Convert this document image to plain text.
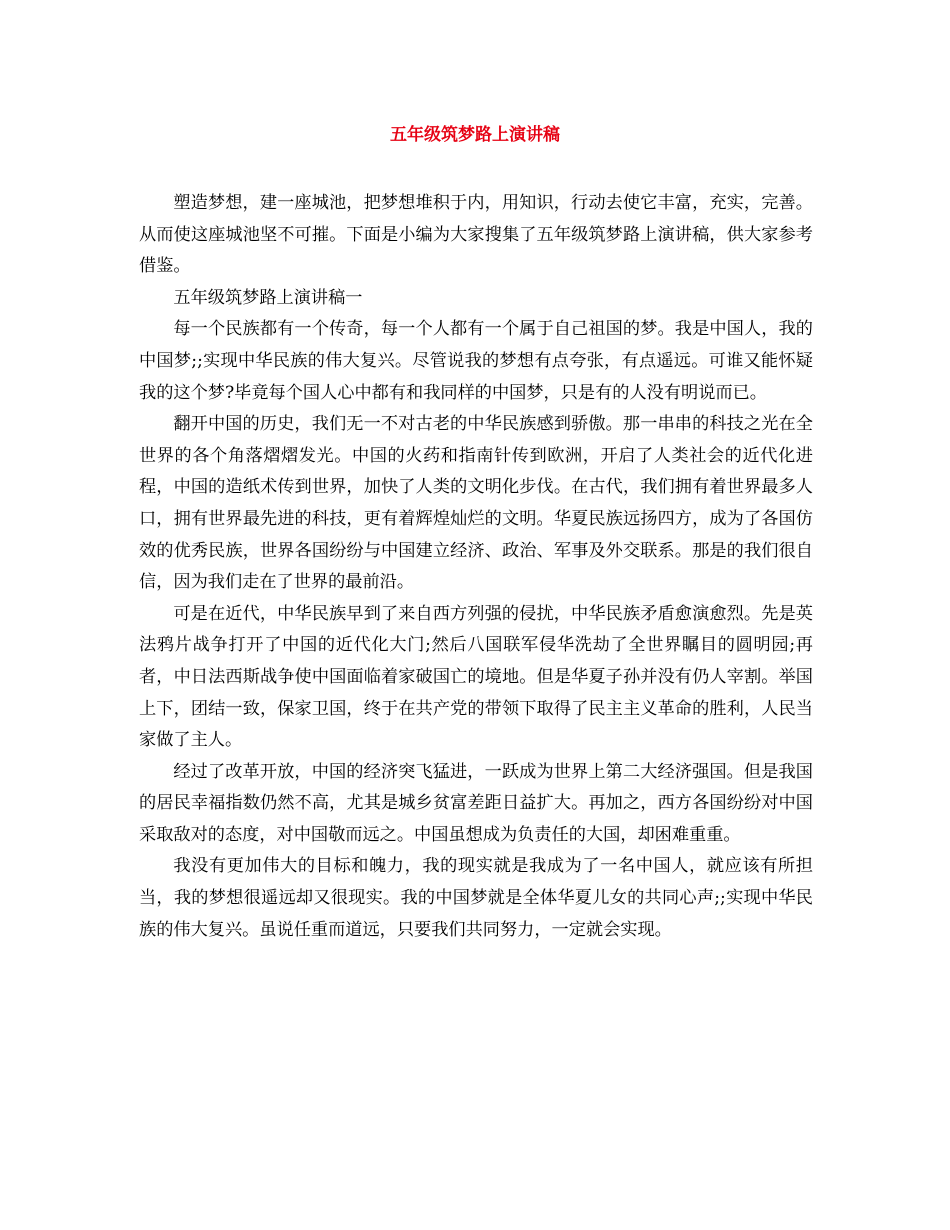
五年级筑梦路上演讲稿

塑造梦想，建一座城池，把梦想堆积于内，用知识，行动去使它丰富，充实，完善。从而使这座城池坚不可摧。下面是小编为大家搜集了五年级筑梦路上演讲稿，供大家参考借鉴。

五年级筑梦路上演讲稿一

每一个民族都有一个传奇，每一个人都有一个属于自己祖国的梦。我是中国人，我的中国梦;;实现中华民族的伟大复兴。尽管说我的梦想有点夸张，有点遥远。可谁又能怀疑我的这个梦?毕竟每个国人心中都有和我同样的中国梦，只是有的人没有明说而已。

翻开中国的历史，我们无一不对古老的中华民族感到骄傲。那一串串的科技之光在全世界的各个角落熠熠发光。中国的火药和指南针传到欧洲，开启了人类社会的近代化进程，中国的造纸术传到世界，加快了人类的文明化步伐。在古代，我们拥有着世界最多人口，拥有世界最先进的科技，更有着辉煌灿烂的文明。华夏民族远扬四方，成为了各国仿效的优秀民族，世界各国纷纷与中国建立经济、政治、军事及外交联系。那是的我们很自信，因为我们走在了世界的最前沿。

可是在近代，中华民族早到了来自西方列强的侵扰，中华民族矛盾愈演愈烈。先是英法鸦片战争打开了中国的近代化大门;然后八国联军侵华洗劫了全世界瞩目的圆明园;再者，中日法西斯战争使中国面临着家破国亡的境地。但是华夏子孙并没有仍人宰割。举国上下，团结一致，保家卫国，终于在共产党的带领下取得了民主主义革命的胜利，人民当家做了主人。

经过了改革开放，中国的经济突飞猛进，一跃成为世界上第二大经济强国。但是我国的居民幸福指数仍然不高，尤其是城乡贫富差距日益扩大。再加之，西方各国纷纷对中国采取敌对的态度，对中国敬而远之。中国虽想成为负责任的大国，却困难重重。

我没有更加伟大的目标和魄力，我的现实就是我成为了一名中国人，就应该有所担当，我的梦想很遥远却又很现实。我的中国梦就是全体华夏儿女的共同心声;;实现中华民族的伟大复兴。虽说任重而道远，只要我们共同努力，一定就会实现。
